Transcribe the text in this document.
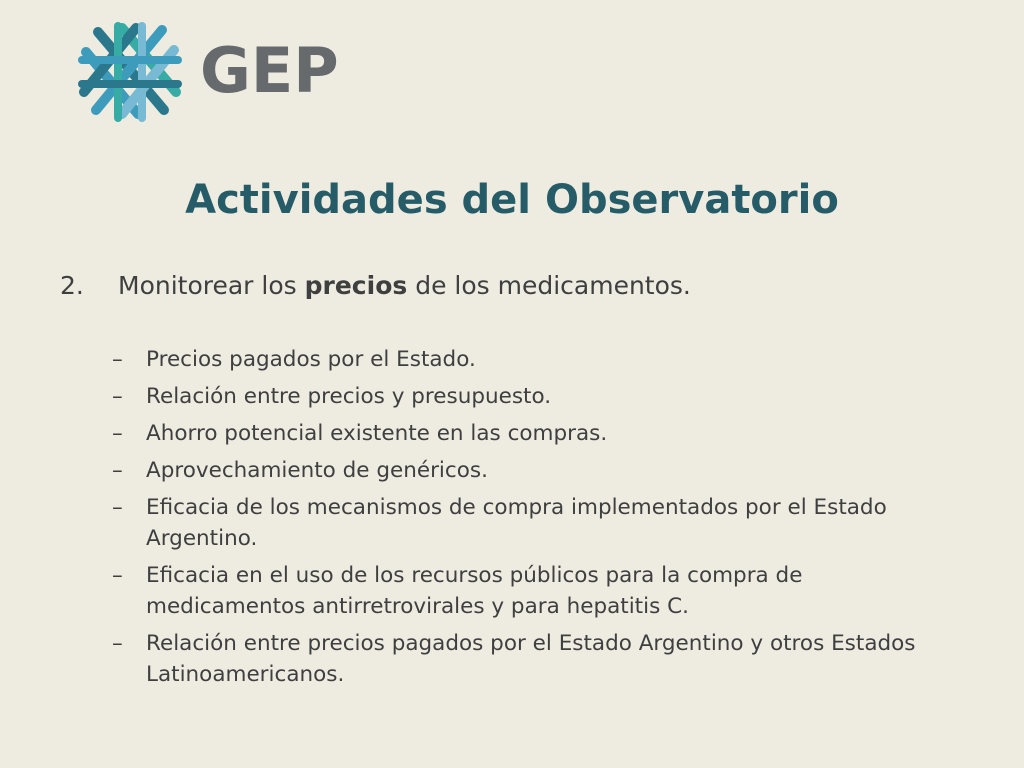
GEP
Actividades del Observatorio
2. Monitorear los precios de los medicamentos.
– Precios pagados por el Estado.
– Relación entre precios y presupuesto.
– Ahorro potencial existente en las compras.
– Aprovechamiento de genéricos.
– Eficacia de los mecanismos de compra implementados por el Estado Argentino.
– Eficacia en el uso de los recursos públicos para la compra de medicamentos antirretrovirales y para hepatitis C.
– Relación entre precios pagados por el Estado Argentino y otros Estados Latinoamericanos.
